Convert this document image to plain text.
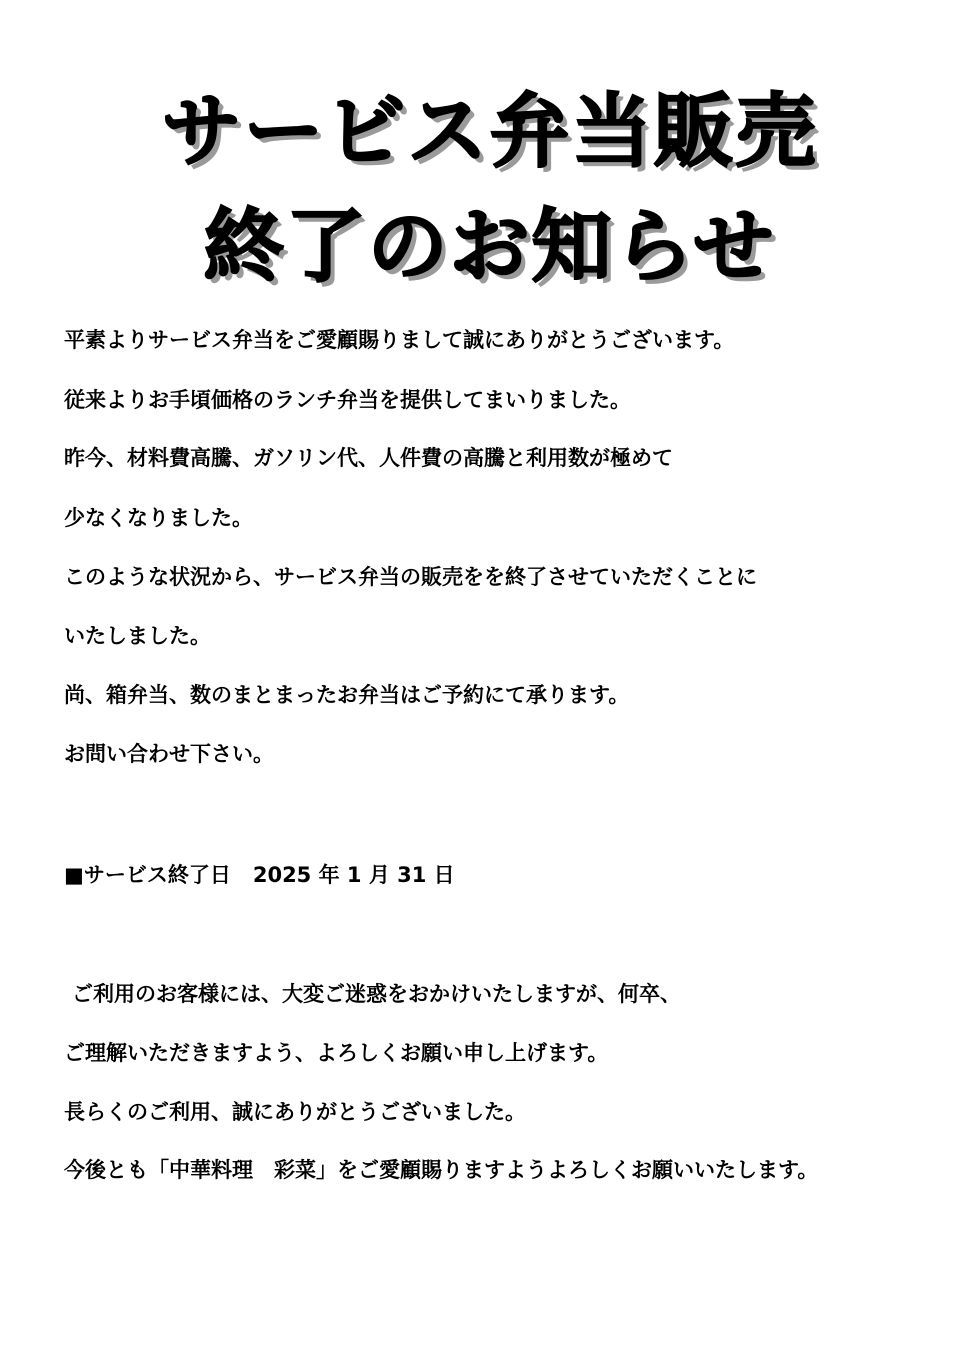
サービス弁当販売
終了のお知らせ
平素よりサービス弁当をご愛顧賜りまして誠にありがとうございます。
従来よりお手頃価格のランチ弁当を提供してまいりました。
昨今、材料費高騰、ガソリン代、人件費の高騰と利用数が極めて
少なくなりました。
このような状況から、サービス弁当の販売をを終了させていただくことに
いたしました。
尚、箱弁当、数のまとまったお弁当はご予約にて承ります。
お問い合わせ下さい。
■サービス終了日 2025 年 1 月 31 日
ご利用のお客様には、大変ご迷惑をおかけいたしますが、何卒、
ご理解いただきますよう、よろしくお願い申し上げます。
長らくのご利用、誠にありがとうございました。
今後とも「中華料理　彩菜」をご愛顧賜りますようよろしくお願いいたします。
